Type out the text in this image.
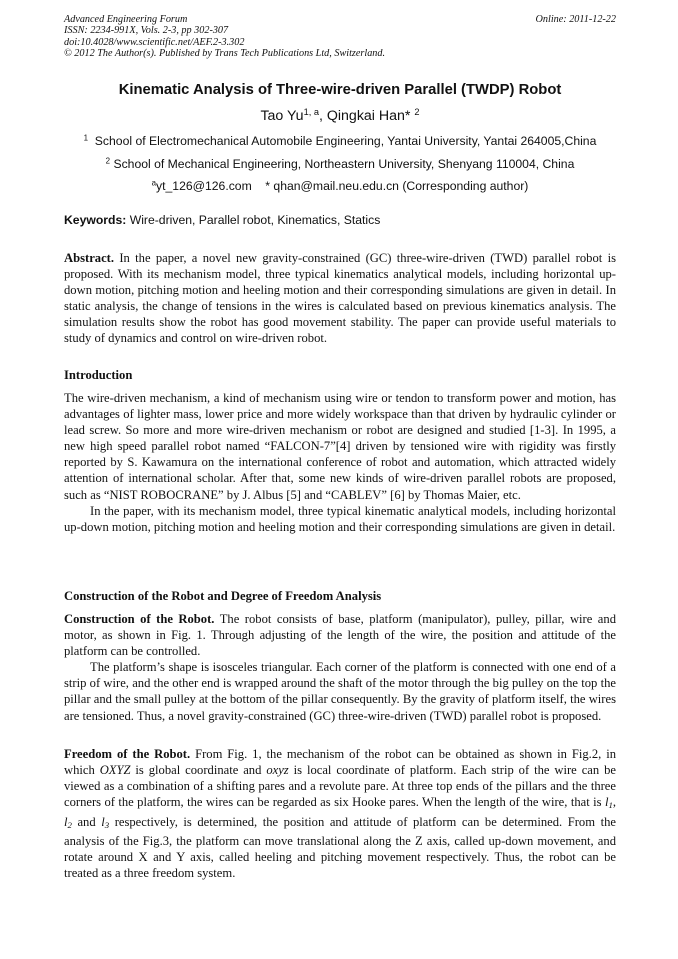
Advanced Engineering Forum
ISSN: 2234-991X, Vols. 2-3, pp 302-307
doi:10.4028/www.scientific.net/AEF.2-3.302
© 2012 The Author(s). Published by Trans Tech Publications Ltd, Switzerland.
Online: 2011-12-22
Kinematic Analysis of Three-wire-driven Parallel (TWDP) Robot
Tao Yu$^{1, a}$, Qingkai Han* $^2$
$^1$ School of Electromechanical Automobile Engineering, Yantai University, Yantai 264005,China
$^2$ School of Mechanical Engineering, Northeastern University, Shenyang 110004, China
$^a$yt_126@126.com * qhan@mail.neu.edu.cn (Corresponding author)
Keywords: Wire-driven, Parallel robot, Kinematics, Statics

Abstract. In the paper, a novel new gravity-constrained (GC) three-wire-driven (TWD) parallel robot is proposed. With its mechanism model, three typical kinematics analytical models, including horizontal up-down motion, pitching motion and heeling motion and their corresponding simulations are given in detail. In static analysis, the change of tensions in the wires is calculated based on previous kinematics analysis. The simulation results show the robot has good movement stability. The paper can provide useful materials to study of dynamics and control on wire-driven robot.

Introduction

The wire-driven mechanism, a kind of mechanism using wire or tendon to transform power and motion, has advantages of lighter mass, lower price and more widely workspace than that driven by hydraulic cylinder or lead screw. So more and more wire-driven mechanism or robot are designed and studied [1-3]. In 1995, a new high speed parallel robot named “FALCON-7”[4] driven by tensioned wire with rigidity was firstly reported by S. Kawamura on the international conference of robot and automation, which attracted widely attention of international scholar. After that, some new kinds of wire-driven parallel robots are proposed, such as “NIST ROBOCRANE” by J. Albus [5] and “CABLEV” [6] by Thomas Maier, etc.

In the paper, with its mechanism model, three typical kinematic analytical models, including horizontal up-down motion, pitching motion and heeling motion and their corresponding simulations are given in detail.

Construction of the Robot and Degree of Freedom Analysis

Construction of the Robot. The robot consists of base, platform (manipulator), pulley, pillar, wire and motor, as shown in Fig. 1. Through adjusting of the length of the wire, the position and attitude of the platform can be controlled.

The platform’s shape is isosceles triangular. Each corner of the platform is connected with one end of a strip of wire, and the other end is wrapped around the shaft of the motor through the big pulley on the top the pillar and the small pulley at the bottom of the pillar consequently. By the gravity of platform itself, the wires are tensioned. Thus, a novel gravity-constrained (GC) three-wire-driven (TWD) parallel robot is proposed.

Freedom of the Robot. From Fig. 1, the mechanism of the robot can be obtained as shown in Fig.2, in which OXYZ is global coordinate and oxyz is local coordinate of platform. Each strip of the wire can be viewed as a combination of a shifting pares and a revolute pare. At three top ends of the pillars and the three corners of the platform, the wires can be regarded as six Hooke pares. When the length of the wire, that is $l_1$, $l_2$ and $l_3$ respectively, is determined, the position and attitude of platform can be determined. From the analysis of the Fig.3, the platform can move translational along the Z axis, called up-down movement, and rotate around X and Y axis, called heeling and pitching movement respectively. Thus, the robot can be treated as a three freedom system.
